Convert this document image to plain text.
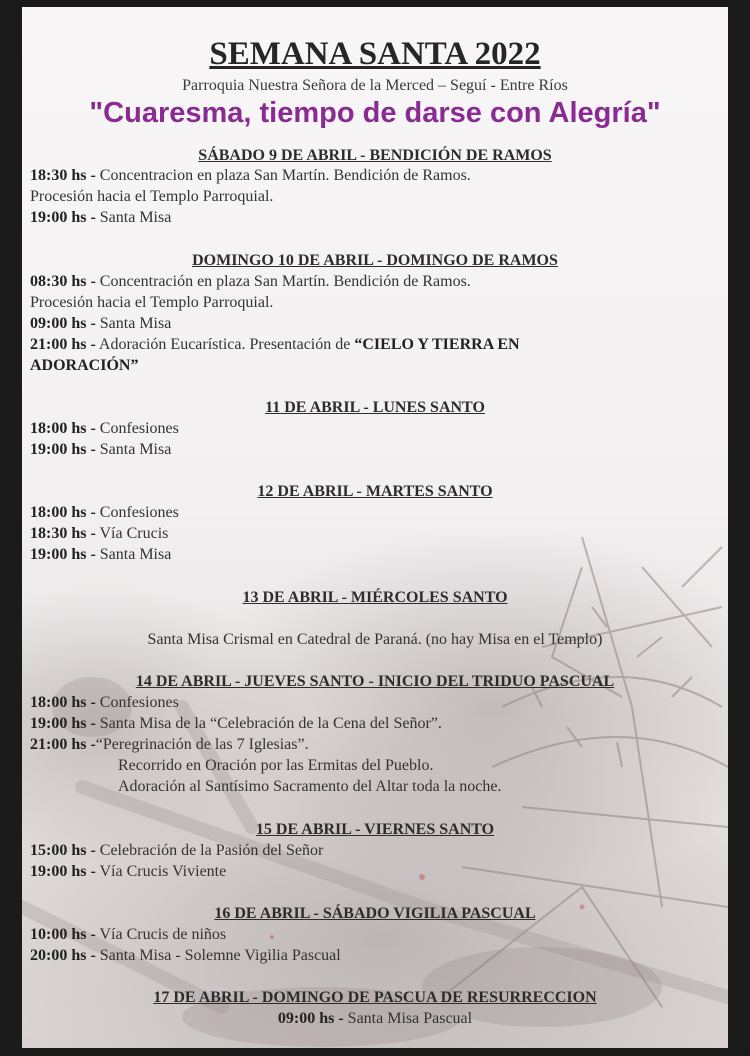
SEMANA SANTA 2022
Parroquia Nuestra Señora de la Merced – Seguí - Entre Ríos
"Cuaresma, tiempo de darse con Alegría"
SÁBADO 9 DE ABRIL - BENDICIÓN DE RAMOS
18:30 hs - Concentracion en plaza San Martín. Bendición de Ramos.
Procesión hacia el Templo Parroquial.
19:00 hs - Santa Misa
DOMINGO 10 DE ABRIL - DOMINGO DE RAMOS
08:30 hs - Concentración en plaza San Martín. Bendición de Ramos.
Procesión hacia el Templo Parroquial.
09:00 hs - Santa Misa
21:00 hs - Adoración Eucarística. Presentación de “CIELO Y TIERRA EN
ADORACIÓN”
11 DE ABRIL - LUNES SANTO
18:00 hs - Confesiones
19:00 hs - Santa Misa
12 DE ABRIL - MARTES SANTO
18:00 hs - Confesiones
18:30 hs - Vía Crucis
19:00 hs - Santa Misa
13 DE ABRIL - MIÉRCOLES SANTO
Santa Misa Crismal en Catedral de Paraná. (no hay Misa en el Templo)
14 DE ABRIL - JUEVES SANTO - INICIO DEL TRIDUO PASCUAL
18:00 hs - Confesiones
19:00 hs - Santa Misa de la “Celebración de la Cena del Señor”.
21:00 hs -“Peregrinación de las 7 Iglesias”.
Recorrido en Oración por las Ermitas del Pueblo.
Adoración al Santísimo Sacramento del Altar toda la noche.
15 DE ABRIL - VIERNES SANTO
15:00 hs - Celebración de la Pasión del Señor
19:00 hs - Vía Crucis Viviente
16 DE ABRIL - SÁBADO VIGILIA PASCUAL
10:00 hs - Vía Crucis de niños
20:00 hs - Santa Misa - Solemne Vigilia Pascual
17 DE ABRIL - DOMINGO DE PASCUA DE RESURRECCION
09:00 hs - Santa Misa Pascual
